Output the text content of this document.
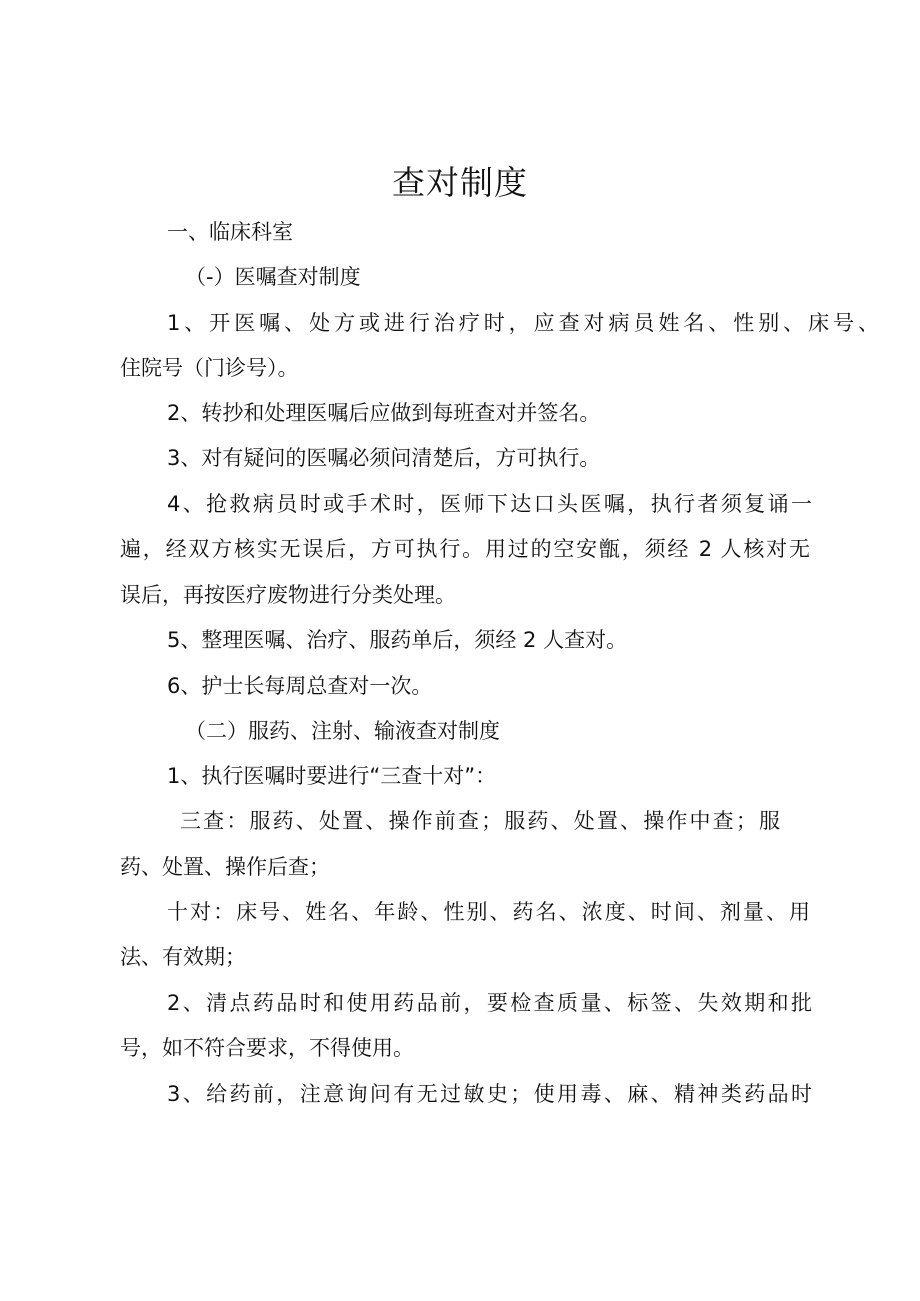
查对制度

一、临床科室

（-）医嘱查对制度

1、开医嘱、处方或进行治疗时，应查对病员姓名、性别、床号、

住院号（门诊号）。

2、转抄和处理医嘱后应做到每班查对并签名。

3、对有疑问的医嘱必须问清楚后，方可执行。

4、抢救病员时或手术时，医师下达口头医嘱，执行者须复诵一

遍，经双方核实无误后，方可执行。用过的空安甑，须经 2 人核对无

误后，再按医疗废物进行分类处理。

5、整理医嘱、治疗、服药单后，须经 2 人查对。

6、护士长每周总查对一次。

（二）服药、注射、输液查对制度

1、执行医嘱时要进行“三查十对”：

三查：服药、处置、操作前查；服药、处置、操作中查；服

药、处置、操作后查；

十对：床号、姓名、年龄、性别、药名、浓度、时间、剂量、用

法、有效期；

2、清点药品时和使用药品前，要检查质量、标签、失效期和批

号，如不符合要求，不得使用。

3、给药前，注意询问有无过敏史；使用毒、麻、精神类药品时
